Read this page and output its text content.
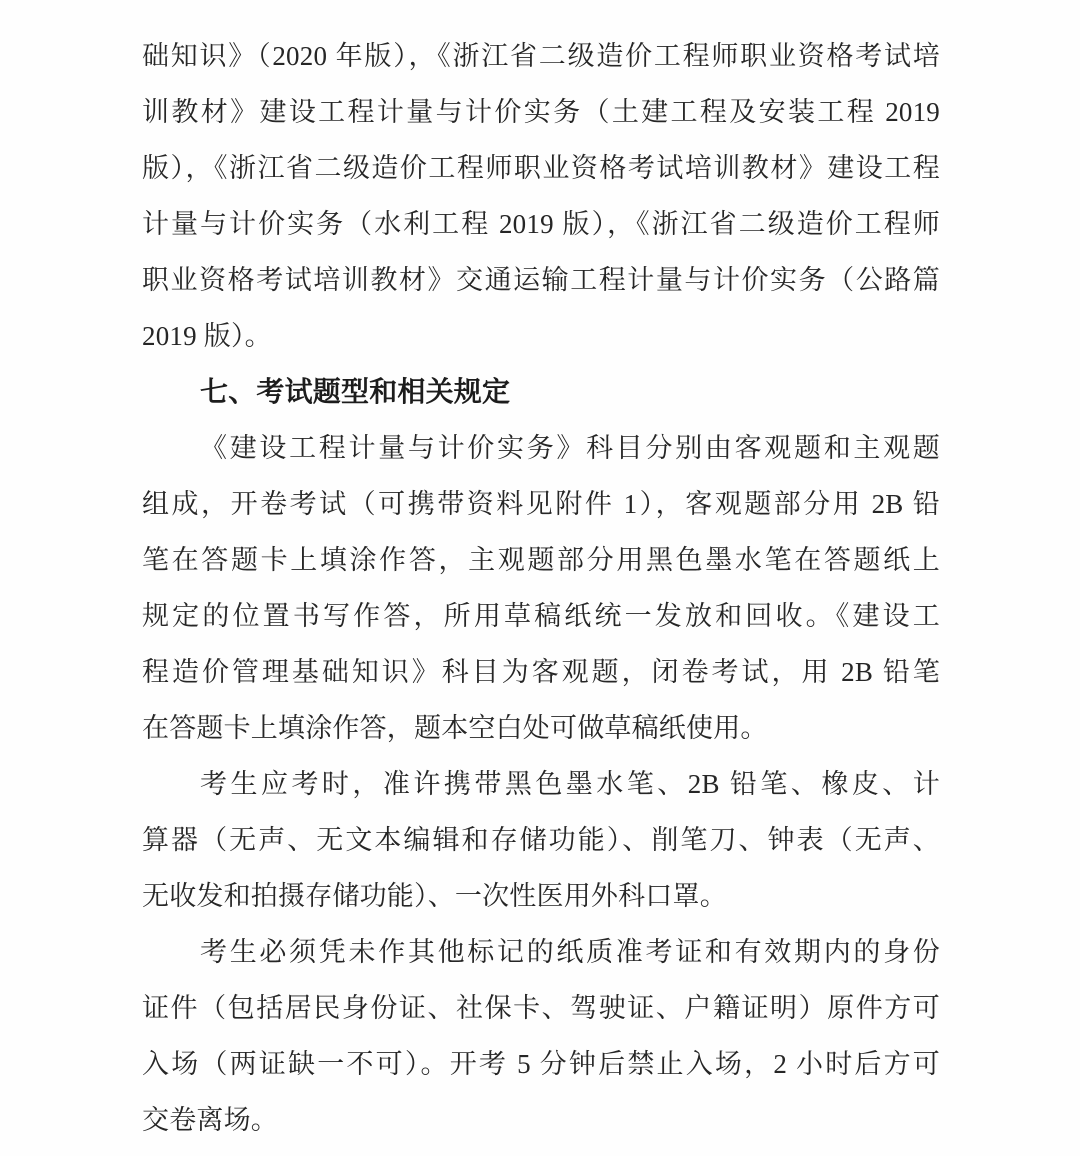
础知识》（2020 年版），《浙江省二级造价工程师职业资格考试培
训教材》建设工程计量与计价实务（土建工程及安装工程 2019
版），《浙江省二级造价工程师职业资格考试培训教材》建设工程
计量与计价实务（水利工程 2019 版），《浙江省二级造价工程师
职业资格考试培训教材》交通运输工程计量与计价实务（公路篇
2019 版）。
七、考试题型和相关规定
《建设工程计量与计价实务》科目分别由客观题和主观题
组成，开卷考试（可携带资料见附件 1），客观题部分用 2B 铅
笔在答题卡上填涂作答，主观题部分用黑色墨水笔在答题纸上
规定的位置书写作答，所用草稿纸统一发放和回收。《建设工
程造价管理基础知识》科目为客观题，闭卷考试，用 2B 铅笔
在答题卡上填涂作答，题本空白处可做草稿纸使用。
考生应考时，准许携带黑色墨水笔、2B 铅笔、橡皮、计
算器（无声、无文本编辑和存储功能）、削笔刀、钟表（无声、
无收发和拍摄存储功能）、一次性医用外科口罩。
考生必须凭未作其他标记的纸质准考证和有效期内的身份
证件（包括居民身份证、社保卡、驾驶证、户籍证明）原件方可
入场（两证缺一不可）。开考 5 分钟后禁止入场，2 小时后方可
交卷离场。
